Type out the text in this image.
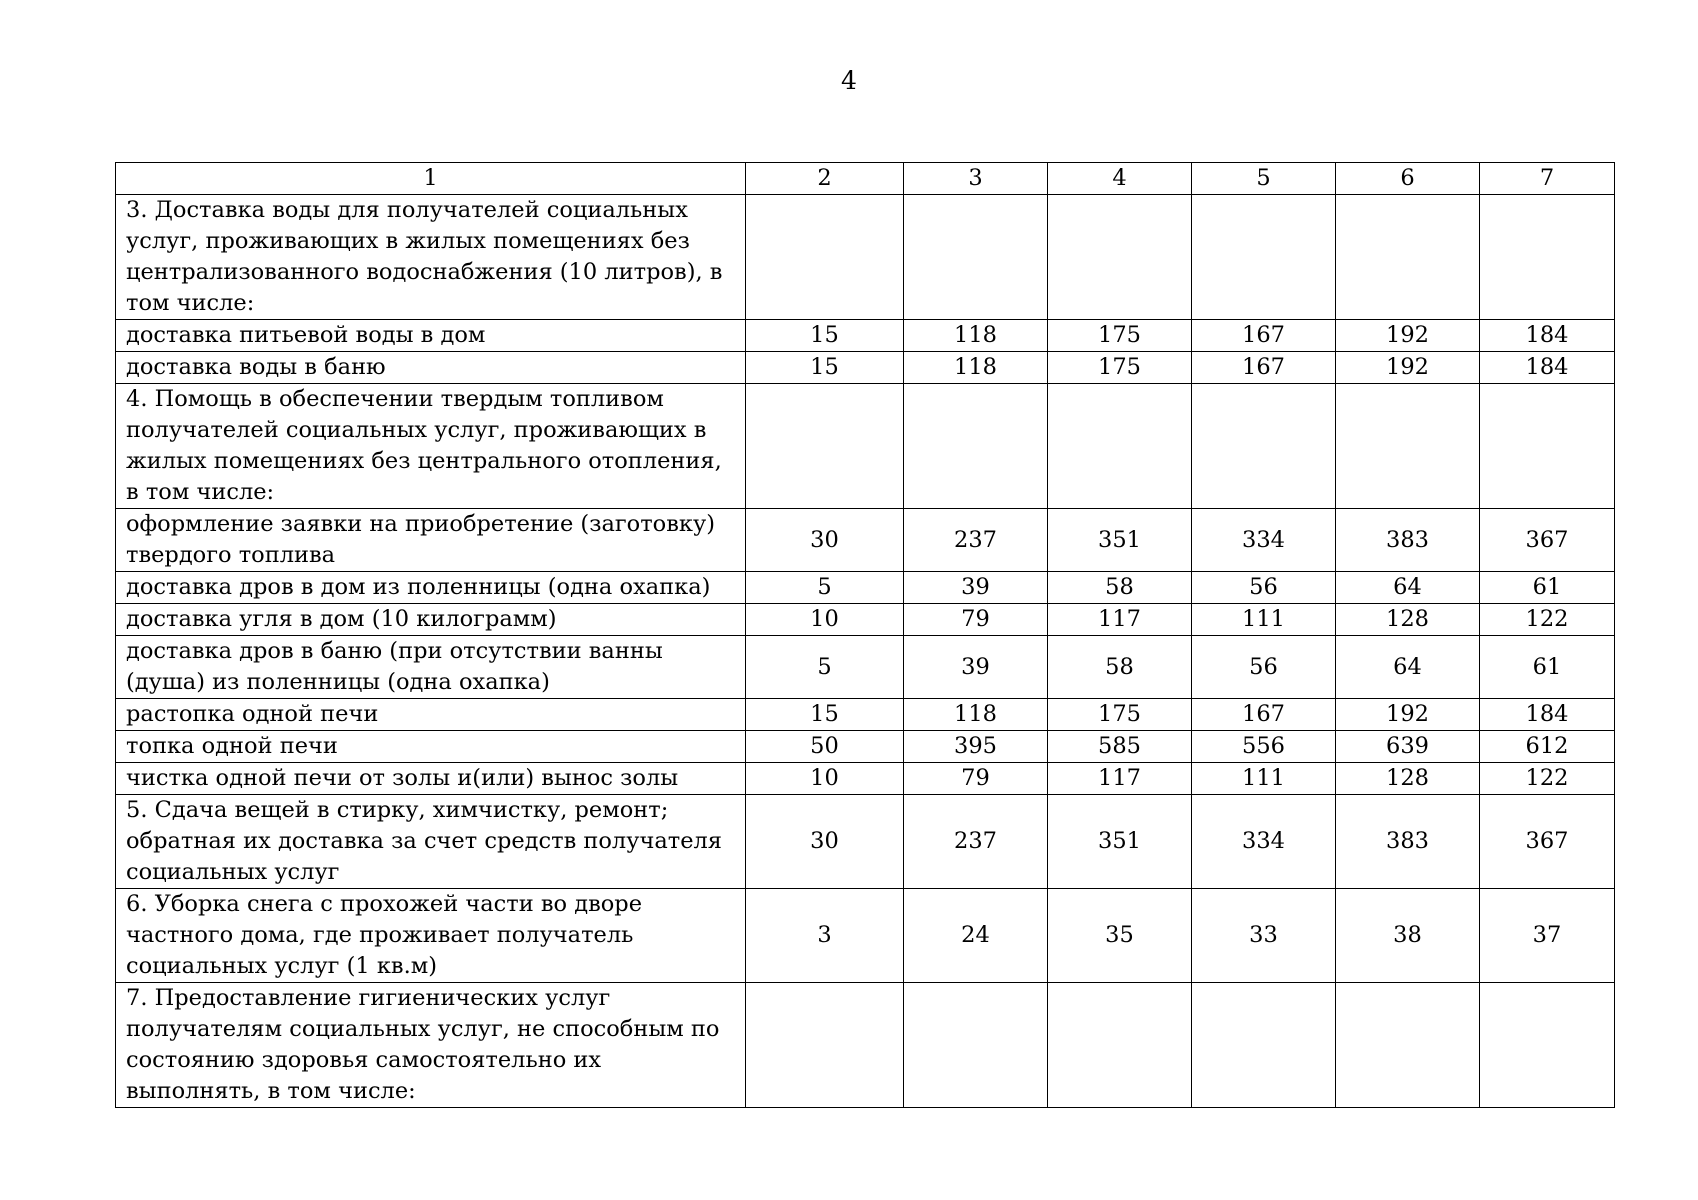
4
1	2	3	4	5	6	7
3. Доставка воды для получателей социальных услуг, проживающих в жилых помещениях без централизованного водоснабжения (10 литров), в том числе:						
доставка питьевой воды в дом	15	118	175	167	192	184
доставка воды в баню	15	118	175	167	192	184
4. Помощь в обеспечении твердым топливом получателей социальных услуг, проживающих в жилых помещениях без центрального отопления, в том числе:						
оформление заявки на приобретение (заготовку) твердого топлива	30	237	351	334	383	367
доставка дров в дом из поленницы (одна охапка)	5	39	58	56	64	61
доставка угля в дом (10 килограмм)	10	79	117	111	128	122
доставка дров в баню (при отсутствии ванны (душа) из поленницы (одна охапка)	5	39	58	56	64	61
растопка одной печи	15	118	175	167	192	184
топка одной печи	50	395	585	556	639	612
чистка одной печи от золы и(или) вынос золы	10	79	117	111	128	122
5. Сдача вещей в стирку, химчистку, ремонт; обратная их доставка за счет средств получателя социальных услуг	30	237	351	334	383	367
6. Уборка снега с прохожей части во дворе частного дома, где проживает получатель социальных услуг (1 кв.м)	3	24	35	33	38	37
7. Предоставление гигиенических услуг получателям социальных услуг, не способным по состоянию здоровья самостоятельно их выполнять, в том числе:						
